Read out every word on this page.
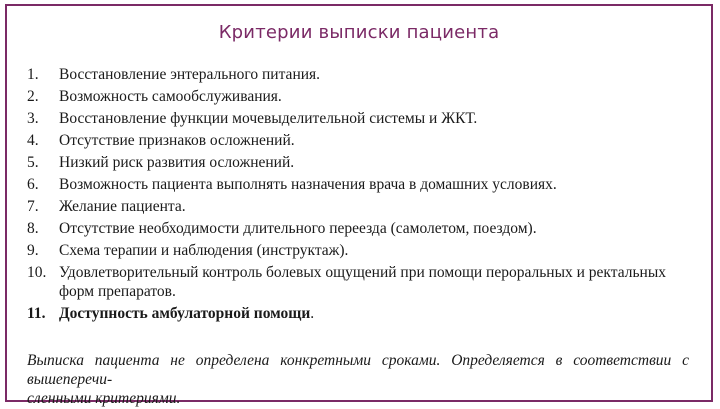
Критерии выписки пациента
1.	Восстановление энтерального питания.
2.	Возможность самообслуживания.
3.	Восстановление функции мочевыделительной системы и ЖКТ.
4.	Отсутствие признаков осложнений.
5.	Низкий риск развития осложнений.
6.	Возможность пациента выполнять назначения врача в домашних условиях.
7.	Желание пациента.
8.	Отсутствие необходимости длительного переезда (самолетом, поездом).
9.	Схема терапии и наблюдения (инструктаж).
10. Удовлетворительный контроль болевых ощущений при помощи пероральных и ректальных форм препаратов.
11. Доступность амбулаторной помощи.
Выписка пациента не определена конкретными сроками. Определяется в соответствии с вышеперечи-
сленными критериями.
